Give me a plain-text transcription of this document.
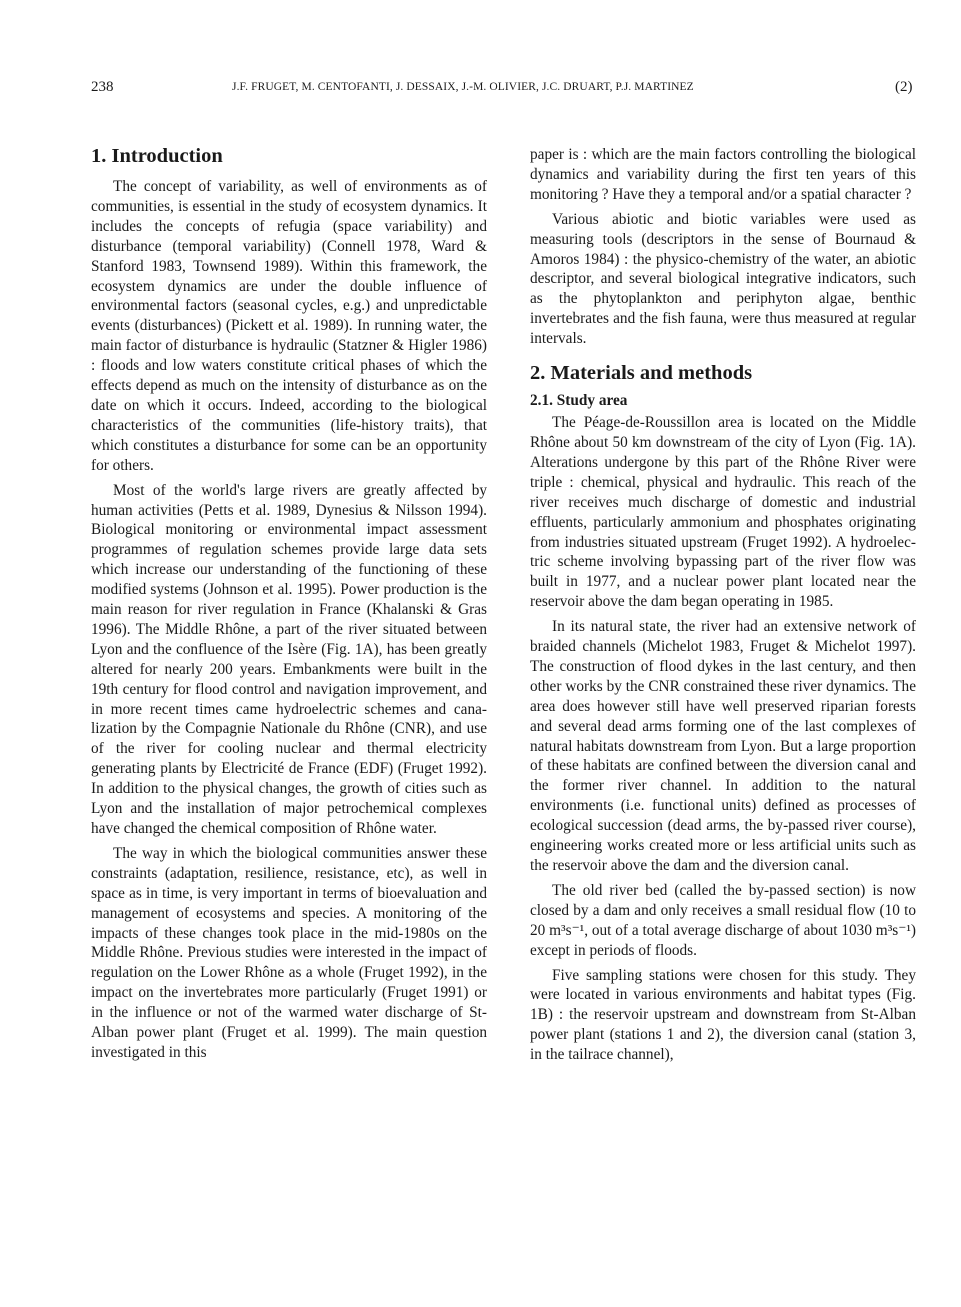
238	J.F. FRUGET, M. CENTOFANTI, J. DESSAIX, J.-M. OLIVIER, J.C. DRUART, P.J. MARTINEZ	(2)
1. Introduction

The concept of variability, as well of environments as of communities, is essential in the study of ecosystem dynamics. It includes the concepts of refugia (space variability) and disturbance (temporal variability) (Connell 1978, Ward & Stanford 1983, Townsend 1989). Within this framework, the ecosystem dynamics are under the double influence of environmental factors (seasonal cycles, e.g.) and unpredictable events (disturbances) (Pickett et al. 1989). In running water, the main factor of disturbance is hydraulic (Statzner & Higler 1986) : floods and low waters constitute critical phases of which the effects depend as much on the intensity of disturbance as on the date on which it occurs. Indeed, according to the biological characteristics of the communities (life-history traits), that which constitutes a disturbance for some can be an opportunity for others.

Most of the world's large rivers are greatly affected by human activities (Petts et al. 1989, Dynesius & Nilsson 1994). Biological monitoring or environmental impact assessment programmes of regulation schemes provide large data sets which increase our understanding of the functioning of these modified systems (Johnson et al. 1995). Power production is the main reason for river regulation in France (Khalanski & Gras 1996). The Middle Rhône, a part of the river situated between Lyon and the confluence of the Isère (Fig. 1A), has been greatly altered for nearly 200 years. Embankments were built in the 19th century for flood control and navigation improvement, and in more recent times came hydroelectric schemes and canalization by the Compagnie Nationale du Rhône (CNR), and use of the river for cooling nuclear and thermal electricity generating plants by Electricité de France (EDF) (Fruget 1992). In addition to the physical changes, the growth of cities such as Lyon and the installation of major petrochemical complexes have changed the chemical composition of Rhône water.

The way in which the biological communities answer these constraints (adaptation, resilience, resistance, etc), as well in space as in time, is very important in terms of bioevaluation and management of ecosystems and species. A monitoring of the impacts of these changes took place in the mid-1980s on the Middle Rhône. Previous studies were interested in the impact of regulation on the Lower Rhône as a whole (Fruget 1992), in the impact on the invertebrates more particularly (Fruget 1991) or in the influence or not of the warmed water discharge of St-Alban power plant (Fruget et al. 1999). The main question investigated in this

paper is : which are the main factors controlling the biological dynamics and variability during the first ten years of this monitoring ? Have they a temporal and/or a spatial character ?

Various abiotic and biotic variables were used as measuring tools (descriptors in the sense of Bournaud & Amoros 1984) : the physico-chemistry of the water, an abiotic descriptor, and several biological integrative indicators, such as the phytoplankton and periphyton algae, benthic invertebrates and the fish fauna, were thus measured at regular intervals.

2. Materials and methods
2.1. Study area

The Péage-de-Roussillon area is located on the Middle Rhône about 50 km downstream of the city of Lyon (Fig. 1A). Alterations undergone by this part of the Rhône River were triple : chemical, physical and hydraulic. This reach of the river receives much discharge of domestic and industrial effluents, particularly ammonium and phosphates originating from industries situated upstream (Fruget 1992). A hydroelectric scheme involving bypassing part of the river flow was built in 1977, and a nuclear power plant located near the reservoir above the dam began operating in 1985.

In its natural state, the river had an extensive network of braided channels (Michelot 1983, Fruget & Michelot 1997). The construction of flood dykes in the last century, and then other works by the CNR constrained these river dynamics. The area does however still have well preserved riparian forests and several dead arms forming one of the last complexes of natural habitats downstream from Lyon. But a large proportion of these habitats are confined between the diversion canal and the former river channel. In addition to the natural environments (i.e. functional units) defined as processes of ecological succession (dead arms, the by-passed river course), engineering works created more or less artificial units such as the reservoir above the dam and the diversion canal.

The old river bed (called the by-passed section) is now closed by a dam and only receives a small residual flow (10 to 20 m³s⁻¹, out of a total average discharge of about 1030 m³s⁻¹) except in periods of floods.

Five sampling stations were chosen for this study. They were located in various environments and habitat types (Fig. 1B) : the reservoir upstream and downstream from St-Alban power plant (stations 1 and 2), the diversion canal (station 3, in the tailrace channel),
